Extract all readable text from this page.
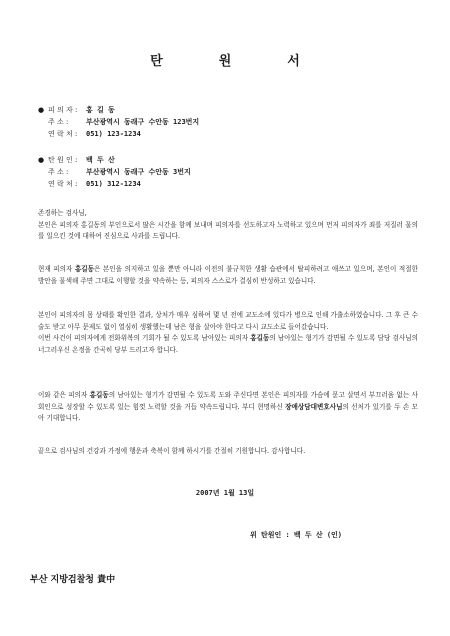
탄	원	서
● 피 의 자 :	홍 길 동
주 소 :	부산광역시 동래구 수안동 123번지
연 락 처 :	051) 123-1234
● 탄 원 인 :	백 두 산
주 소 :	부산광역시 동래구 수안동 3번지
연 락 처 :	051) 312-1234

존경하는 검사님,

본인은 피의자 홍길동의 부인으로서 많은 시간을 함께 보내며 피의자를 선도하고자 노력하고 있으며 먼저 피의자가 죄를 저질러 물의를 일으킨 것에 대하여 진심으로 사과를 드립니다.

현재 피의자 홍길동은 본인을 의지하고 있을 뿐만 아니라 이전의 불규칙한 생활 습관에서 탈피하려고 애쓰고 있으며, 본인이 적절한 방안을 물색해 주면 그대로 이행할 것을 약속하는 등, 피의자 스스로가 결심히 반성하고 있습니다.

본인이 피의자의 몸 상태를 확인한 결과, 상처가 매우 심하여 몇 년 전에 교도소에 있다가 병으로 인해 가출소하였습니다. 그 후 큰 수술도 받고 아무 문제도 없이 열심히 생활했는데 남은 형을 살아야 한다고 다시 교도소로 들어갔습니다.

이번 사건이 피의자에게 전화위복의 기회가 될 수 있도록 남아있는 피의자 홍길동의 남아있는 형기가 감면될 수 있도록 담당 검사님의 너그러우신 온정을 간곡히 당부 드리고자 합니다.

이와 같은 피의자 홍길동의 남아있는 형기가 감면될 수 있도록 도와 주신다면 본인은 피의자를 가슴에 묻고 살면서 부끄러움 없는 사회인으로 성장할 수 있도록 있는 힘껏 노력할 것을 거듭 약속드립니다. 부디 현명하신 장애상담대변호사님의 선처가 있기를 두 손 모아 기대합니다.

끝으로 검사님의 건강과 가정에 행운과 축복이 함께 하시기를 간절히 기원합니다. 감사합니다.

2007년 1월 13일
위 탄원인 : 백 두 산 (인)
부산 지방검찰청 貴中
